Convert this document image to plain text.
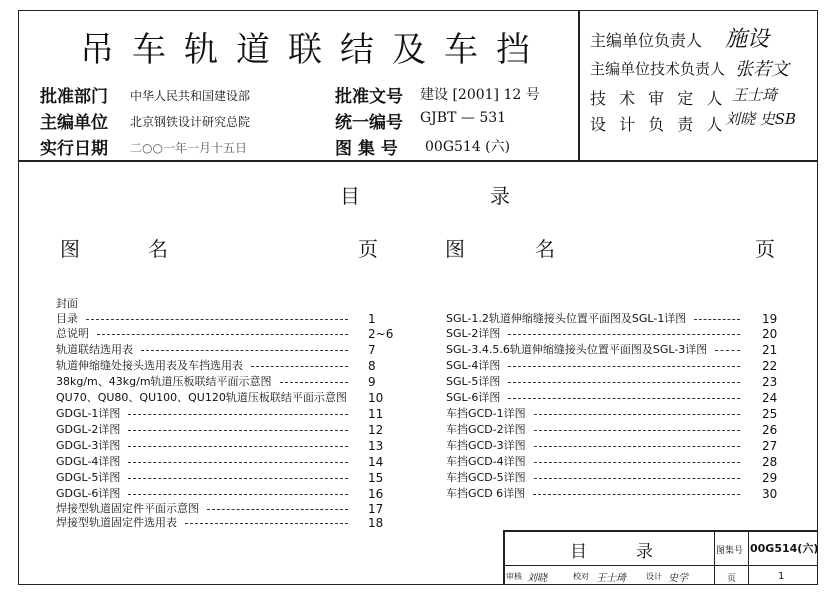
吊车轨道联结及车挡
批准部门 中华人民共和国建设部	批准文号 建设 [2001] 12 号
主编单位 北京钢铁设计研究总院	统一编号 GJBT — 531
实行日期 二○○一年一月十五日	图 集 号 00G514 (六)
主编单位负责人 施设
主编单位技术负责人 张若文
技 术 审 定 人 王士琦
设 计 负 责 人
刘晓 史SB
目	录
图	名	页	图	名	页
封面
目录	1
总说明	2~6
轨道联结选用表	7
轨道伸缩缝处接头选用表及车挡选用表	8
38kg/m、43kg/m轨道压板联结平面示意图	9
QU70、QU80、QU100、QU120轨道压板联结平面示意图 10
GDGL-1详图	11
GDGL-2详图	12
GDGL-3详图	13
GDGL-4详图	14
GDGL-5详图	15
GDGL-6详图	16
焊接型轨道固定件平面示意图	17
焊接型轨道固定件选用表	18
SGL-1.2轨道伸缩缝接头位置平面图及SGL-1详图	19
SGL-2详图	20
SGL-3.4.5.6轨道伸缩缝接头位置平面图及SGL-3详图	21
SGL-4详图	22
SGL-5详图	23
SGL-6详图	24
车挡GCD-1详图	25
车挡GCD-2详图	26
车挡GCD-3详图	27
车挡GCD-4详图	28
车挡GCD-5详图	29
车挡GCD 6详图	30
目	录	图集号 00G514(六)
审核 刘晓	校对 王士琦	设计 史学	页	1
